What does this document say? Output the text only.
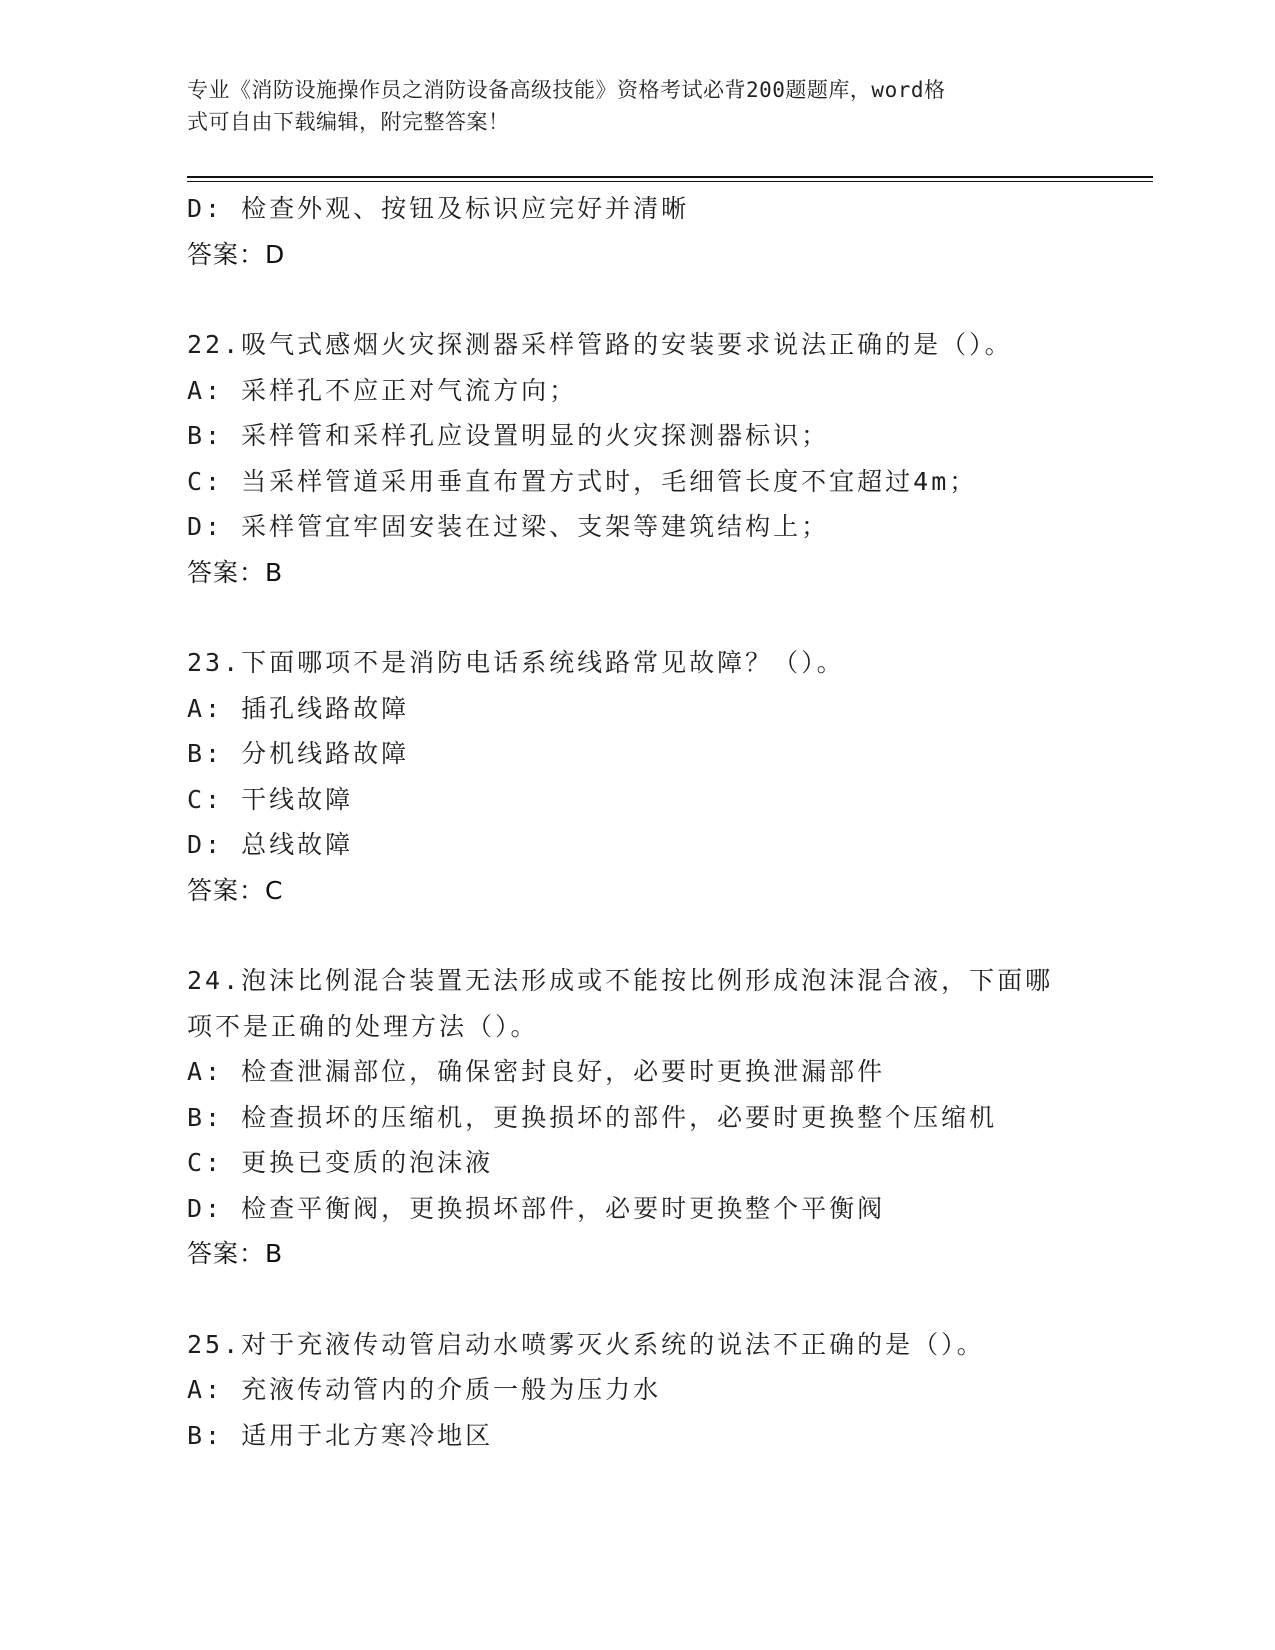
专业《消防设施操作员之消防设备高级技能》资格考试必背200题题库，word格
式可自由下载编辑，附完整答案！
D: 检查外观、按钮及标识应完好并清晰
答案：D
22.吸气式感烟火灾探测器采样管路的安装要求说法正确的是（）。
A: 采样孔不应正对气流方向；
B: 采样管和采样孔应设置明显的火灾探测器标识；
C: 当采样管道采用垂直布置方式时，毛细管长度不宜超过4m；
D: 采样管宜牢固安装在过梁、支架等建筑结构上；
答案：B
23.下面哪项不是消防电话系统线路常见故障？（）。
A: 插孔线路故障
B: 分机线路故障
C: 干线故障
D: 总线故障
答案：C
24.泡沫比例混合装置无法形成或不能按比例形成泡沫混合液，下面哪
项不是正确的处理方法（）。
A: 检查泄漏部位，确保密封良好，必要时更换泄漏部件
B: 检查损坏的压缩机，更换损坏的部件，必要时更换整个压缩机
C: 更换已变质的泡沫液
D: 检查平衡阀，更换损坏部件，必要时更换整个平衡阀
答案：B
25.对于充液传动管启动水喷雾灭火系统的说法不正确的是（）。
A: 充液传动管内的介质一般为压力水
B: 适用于北方寒冷地区
